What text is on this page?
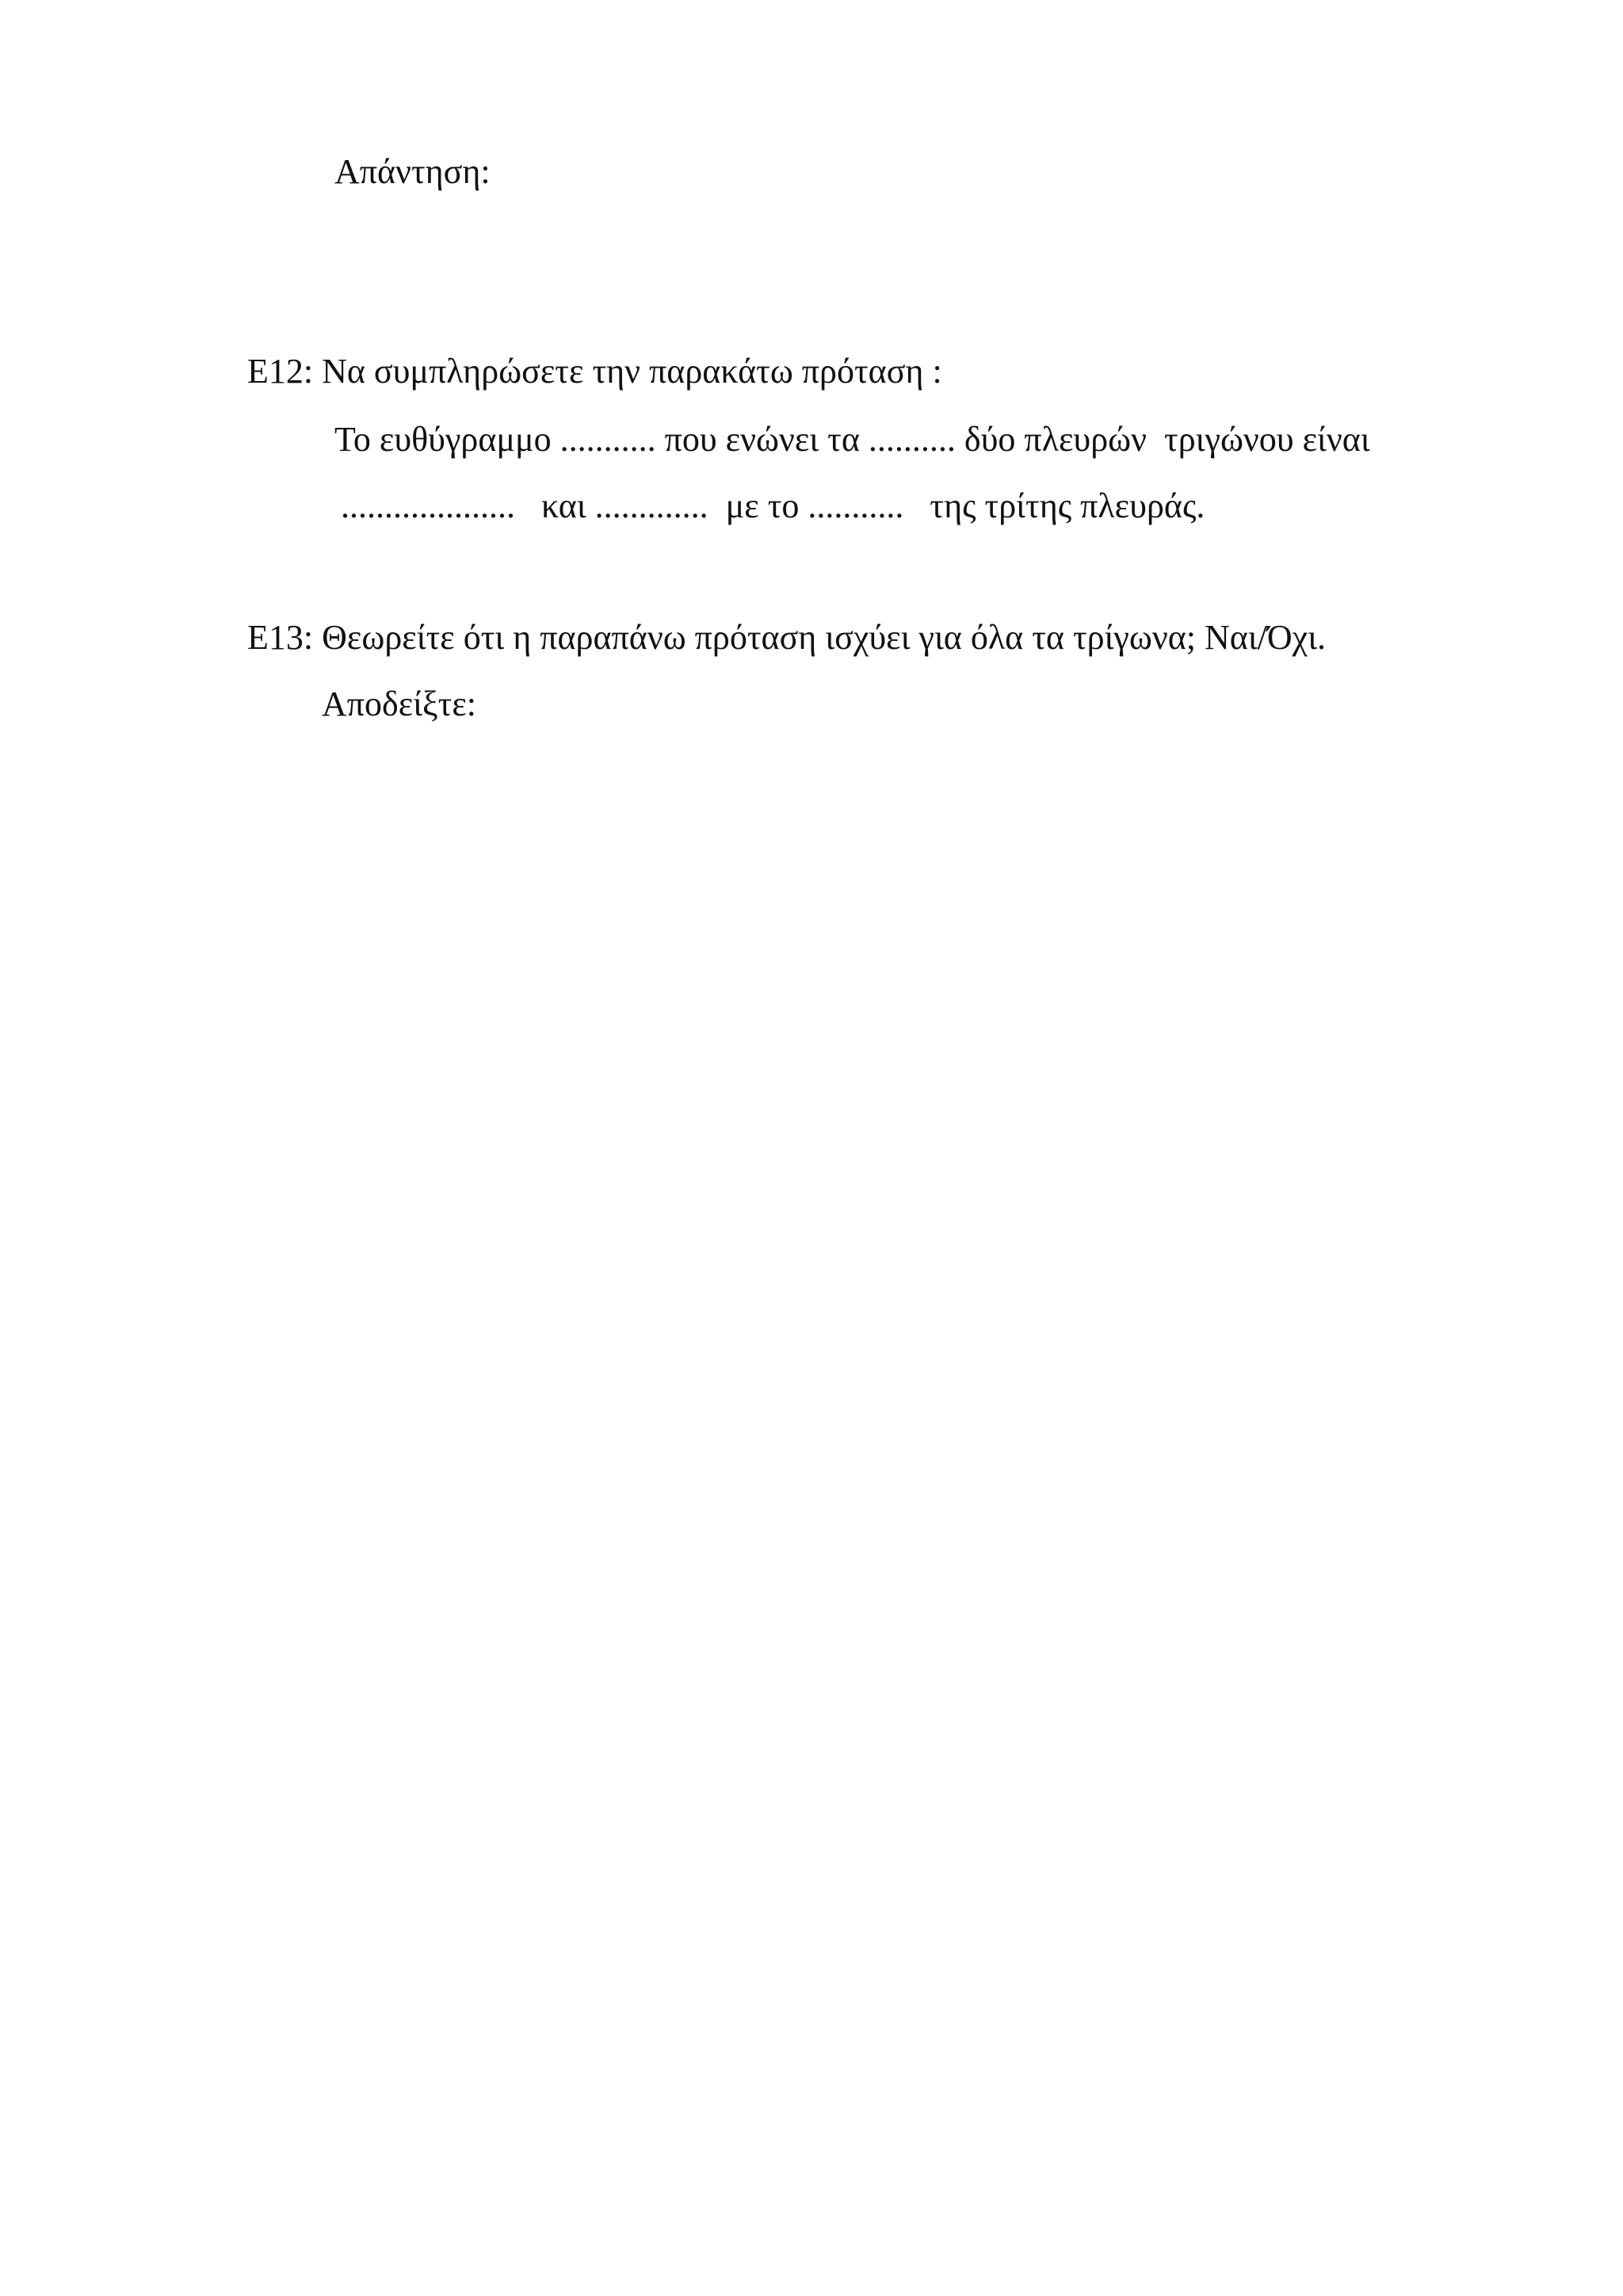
Απάντηση:
Ε12: Να συμπληρώσετε την παρακάτω πρόταση :
Το ευθύγραμμο ........... που ενώνει τα .......... δύο πλευρών  τριγώνου είναι
....................   και .............  με το ...........   της τρίτης πλευράς.
Ε13: Θεωρείτε ότι η παραπάνω πρόταση ισχύει για όλα τα τρίγωνα; Ναι/Όχι.
Αποδείξτε:
